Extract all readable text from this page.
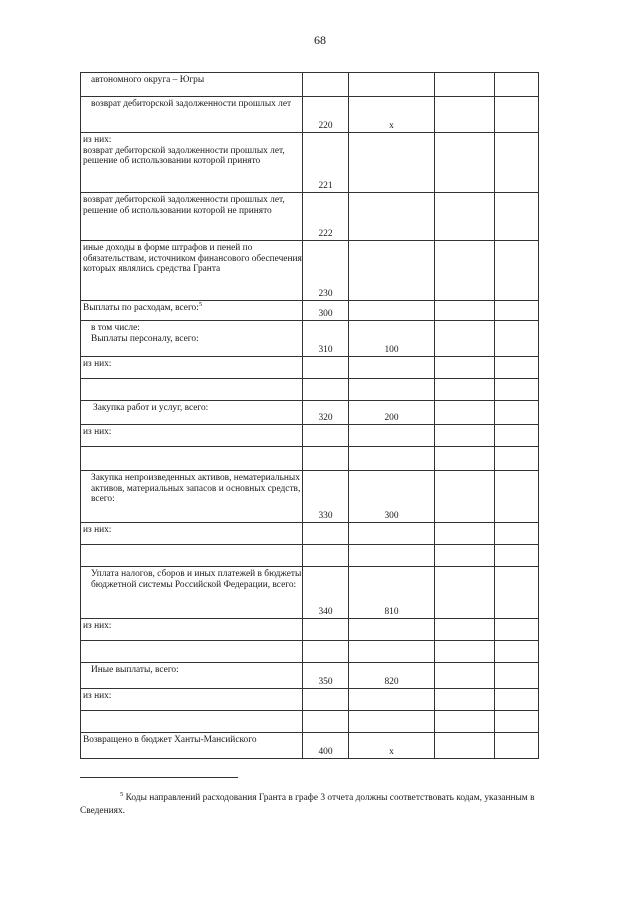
68
автономного округа – Югры				

возврат дебиторской задолженности прошлых лет	220	х		

из них:
возврат дебиторской задолженности прошлых лет, решение об использовании которой принято	221			

возврат дебиторской задолженности прошлых лет, решение об использовании которой не принято	222			

иные доходы в форме штрафов и пеней по обязательствам, источником финансового обеспечения которых являлись средства Гранта	230			
Выплаты по расходам, всего:$^5$	300			

в том числе:
Выплаты персоналу, всего:	310	100		

из них:				

Закупка работ и услуг, всего:	320	200		

из них:				

Закупка непроизведенных активов, нематериальных активов, материальных запасов и основных средств, всего:	330	300		

из них:				

Уплата налогов, сборов и иных платежей в бюджеты бюджетной системы Российской Федерации, всего:	340	810		

из них:				

Иные выплаты, всего:	350	820		

из них:				

Возвращено в бюджет Ханты-Мансийского	400	х		
$^5$ Коды направлений расходования Гранта в графе 3 отчета должны соответствовать кодам, указанным в Сведениях.
